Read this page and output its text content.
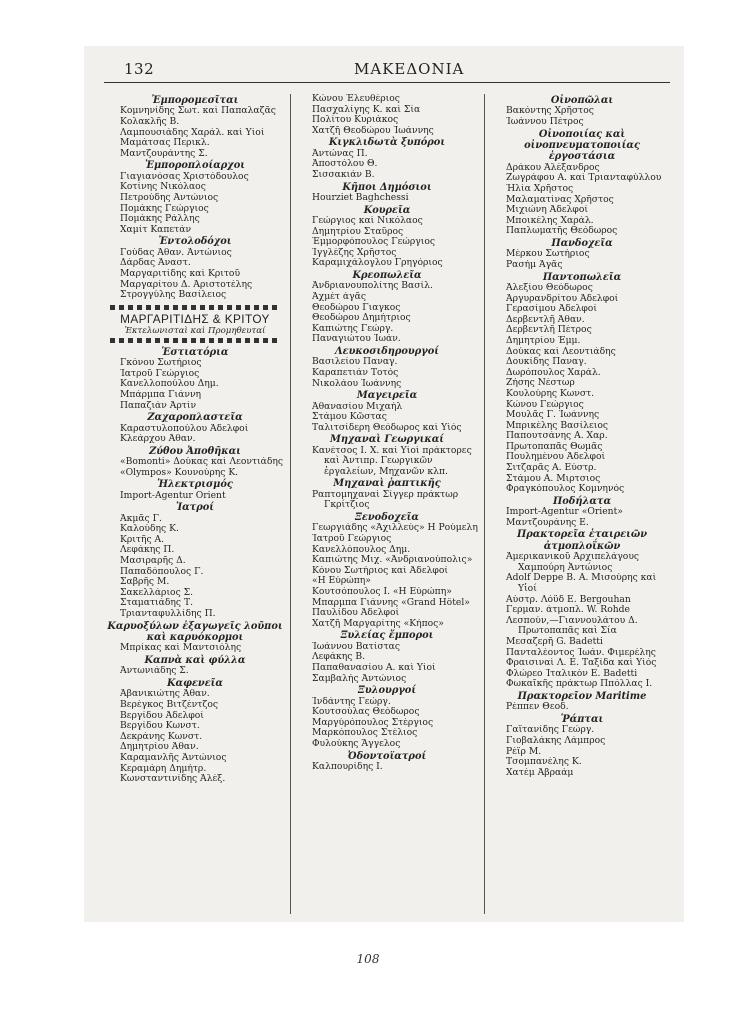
132	ΜΑΚΕΔΟΝΙΑ
Ἐμπορομεσῖται
Κομνηνίδης Σωτ. καὶ Παπαλαζᾶς
Κολακλῆς Β.
Λαμπουσιάδης Χαράλ. καὶ Υἱοί
Μαμάτσας Περικλ.
Μαντζουράντης Σ.
Ἐμποροπλοίαρχοι
Γιαγιανόσας Χριστόδουλος
Κοτίνης Νικόλαος
Πετρούδης Ἀντώνιος
Πομάκης Γεώργιος
Πομάκης Ράλλης
Χαμίτ Καπετάν
Ἐντολοδόχοι
Γούδας Ἀθαν. Ἀντώνιος
Δάρδας Ἀναστ.
Μαργαριτίδης καὶ Κριτοῦ
Μαργαρίτου Δ. Ἀριστοτέλης
Στρογγύλης Βασίλειος
ΜΑΡΓΑΡΙΤΙΔΗΣ & ΚΡΙΤΟΥ
Ἐκτελωνισταὶ καὶ Προμηθευταί
Ἑστιατόρια
Γκόνου Σωτήριος
Ἰατροῦ Γεώργιος
Κανελλοπούλου Δημ.
Μπάρμπα Γιάννη
Παπαζιάν Ἀρτίν
Ζαχαροπλαστεῖα
Καραστυλοπούλου Ἀδελφοί
Κλεάρχου Ἀθαν.
Ζύθου Ἀποθῆκαι
«Bomonti» Δούκας καὶ Λεοντιάδης
«Olympos» Κουνούρης Κ.
Ἠλεκτρισμός
Import-Agentur Orient
Ἰατροί
Ἀκμᾶς Γ.
Καλούδης Κ.
Κριτῆς Α.
Λεφάκης Π.
Μασιραρῆς Δ.
Παπαδόπουλος Γ.
Σαβρῆς Μ.
Σακελλάριος Σ.
Σταματιάδης Τ.
Τριανταφυλλίδης Π.
Καρυοξύλων ἐξαγωγεῖς λοῦποι καὶ καρυόκορμοι
Μπρίκας καὶ Μαντσιόλης
Καπνὰ καὶ φύλλα
Ἀντωνιάδης Σ.
Καφενεῖα
Ἀβανικιώτης Ἀθαν.
Βερέγκος Βιτζέντζος
Βεργίδου Ἀδελφοί
Βεργίδου Κωνστ.
Δεκράνης Κωνστ.
Δημητρίου Ἀθαν.
Καραμανλῆς Ἀντώνιος
Κεραμάρη Δημήτρ.
Κωνσταντινίδης Ἀλέξ.
Κώνου Ἐλευθέριος
Πασχαλίγης Κ. καὶ Σία
Πολίτου Κυριάκος
Χατζῆ Θεοδώρου Ἰωάννης
Κιγκλιδωτὰ ξυπόροι
Ἀντώνας Π.
Ἀποστόλου Θ.
Σισσακιάν Β.
Κῆποι Δημόσιοι
Hourziet Baghchessi
Κουρεῖα
Γεώργιος καὶ Νικόλαος
Δημητρίου Σταῦρος
Ἐμμορφόπουλος Γεώργιος
Ἰγγλέζης Χρῆστος
Καραμιχάλογλου Γρηγόριος
Κρεοπωλεῖα
Ἀνδριανουπολίτης Βασίλ.
Ἀχμέτ ἀγᾶς
Θεοδώρου Γιαγκος
Θεοδώρου Δημήτριος
Καπιώτης Γεώργ.
Παναγιώτου Ἰωάν.
Λευκοσιδηρουργοί
Βασιλείου Παναγ.
Καραπετιάν Τοτός
Νικολάου Ἰωάννης
Μαγειρεῖα
Ἀθανασίου Μιχαήλ
Στάμου Κῶστας
Ταλιτσίδερη Θεόδωρος καὶ Υἱός
Μηχαναὶ Γεωργικαί
Κανέτσος Ι. Χ. καὶ Υἱοὶ πράκτορες καὶ Ἀντιπρ. Γεωργικῶν ἐργαλείων, Μηχανῶν κλπ.
Μηχαναὶ ῥαπτικῆς
Ραπτομηχαναὶ Σίγγερ πράκτωρ Γκρίτζιος
Ξενοδοχεῖα
Γεωργιάδης «Ἀχιλλεύς» Η Ρούμελη
Ἰατροῦ Γεώργιος
Κανελλόπουλος Δημ.
Καπιώτης Μιχ. «Ἀνδριανούπολις»
Κόνου Σωτήριος καὶ Ἀδελφοί
«Η Εὐρώπη»
Κουτσόπουλος Ι. «Η Εὐρώπη»
Μπαρμπα Γιάννης «Grand Hôtel»
Παυλίδου Ἀδελφοί
Χατζῆ Μαργαρίτης «Κήπος»
Ξυλείας ἔμποροι
Ἰωάννου Βατίστας
Λεφάκης Β.
Παπαθανασίου Α. καὶ Υἱοί
Σαμβαλής Ἀντώνιος
Ξυλουργοί
Ἰνδάντης Γεώργ.
Κουτσούλας Θεόδωρος
Μαργύρόπουλος Στέργιος
Μαρκόπουλος Στέλιος
Φυλούκης Ἄγγελος
Ὀδοντοϊατροί
Καλπουρίδης Ι.
Οἰνοπῶλαι
Βακόντης Χρῆστος
Ἰωάννου Πέτρος
Οἰνοποιίας καὶ οἰνοπνευματοποιίας ἐργοστάσια
Δράκου Ἀλέξανδρος
Ζωγράφου Α. καὶ Τριανταφύλλου
Ἠλία Χρῆστος
Μαλαματίνας Χρῆστος
Μιχιώνη Ἀδελφοί
Μποικέλης Χαράλ.
Παπλωματῆς Θεόδωρος
Πανδοχεῖα
Μέρκου Σωτήριος
Ρασήμ Ἀγᾶς
Παντοπωλεῖα
Ἀλεξίου Θεόδωρος
Ἀργυρανδρίτου Ἀδελφοί
Γερασίμου Ἀδελφοί
Δερβεντλῆ Ἀθαν.
Δερβεντλῆ Πέτρος
Δημητρίου Ἐμμ.
Δούκας καὶ Λεοντιάδης
Δουκίδης Παναγ.
Δωρόπουλος Χαράλ.
Ζήσης Νέστωρ
Κουλούρης Κωνστ.
Κώνου Γεώργιος
Μουλᾶς Γ. Ἰωάννης
Μπρικέλης Βασίλειος
Παπουτσάνης Α. Χαρ.
Πρωτοπαπᾶς Θωμᾶς
Πουλημένου Ἀδελφοί
Σιτζαρᾶς Α. Εὐστρ.
Στάμου Α. Μιρτσιος
Φραγκόπουλος Κομνηνός
Ποδήλατα
Import-Agentur «Orient»
Μαντζουράνης Ε.
Πρακτορεῖα ἑταιρειῶν ἀτμοπλοΐκῶν
Ἀμερικανικοῦ Ἀρχιπελάγους Χαμπούρη Ἀντώνιος
Adolf Deppe B. A. Μισούρης καὶ Υἱοί
Αὐστρ. Λόϋδ Ε. Bergouhan
Γερμαν. ἀτμοπλ. W. Rohde
Λεσπούν,—Γιαννουλάτου Δ. Πρωτοπαπᾶς καὶ Σία
Μεσαζερῆ G. Badetti
Πανταλέοντος Ἰωάν. Φιμερέλης
Φραισιναὶ Λ. Ε. Ταξίδα καὶ Υἱός
Φλώρεο Ἰταλικὸν Ε. Badetti
Φωκαῖκῆς πράκτωρ Ππόλλας Ι.
Πρακτορεῖον Maritime
Ρέππεν Θεοδ.
Ῥάπται
Γαϊτανίδης Γεώργ.
Γιοβαλάκης Λάμπρος
Ρέϊρ Μ.
Τσομπανέλης Κ.
Χατὲμ Ἀβραάμ
108
